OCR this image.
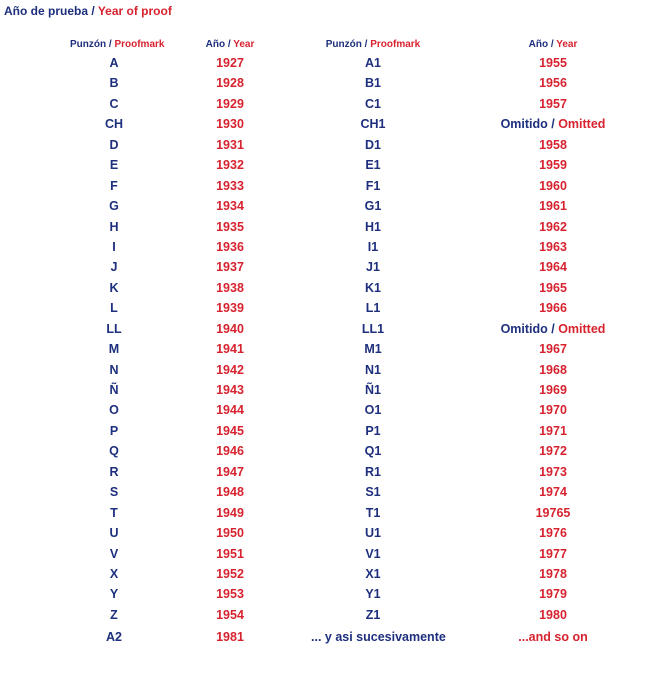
Año de prueba / Year of proof
Punzón / Proofmark	Año / Year	Punzón / Proofmark	Año / Year
A	1927	A1	1955
B	1928	B1	1956
C	1929	C1	1957
CH	1930	CH1	Omitido / Omitted
D	1931	D1	1958
E	1932	E1	1959
F	1933	F1	1960
G	1934	G1	1961
H	1935	H1	1962
I	1936	I1	1963
J	1937	J1	1964
K	1938	K1	1965
L	1939	L1	1966
LL	1940	LL1	Omitido / Omitted
M	1941	M1	1967
N	1942	N1	1968
Ñ	1943	Ñ1	1969
O	1944	O1	1970
P	1945	P1	1971
Q	1946	Q1	1972
R	1947	R1	1973
S	1948	S1	1974
T	1949	T1	19765
U	1950	U1	1976
V	1951	V1	1977
X	1952	X1	1978
Y	1953	Y1	1979
Z	1954	Z1	1980
A2	1981	... y asi sucesivamente	...and so on
